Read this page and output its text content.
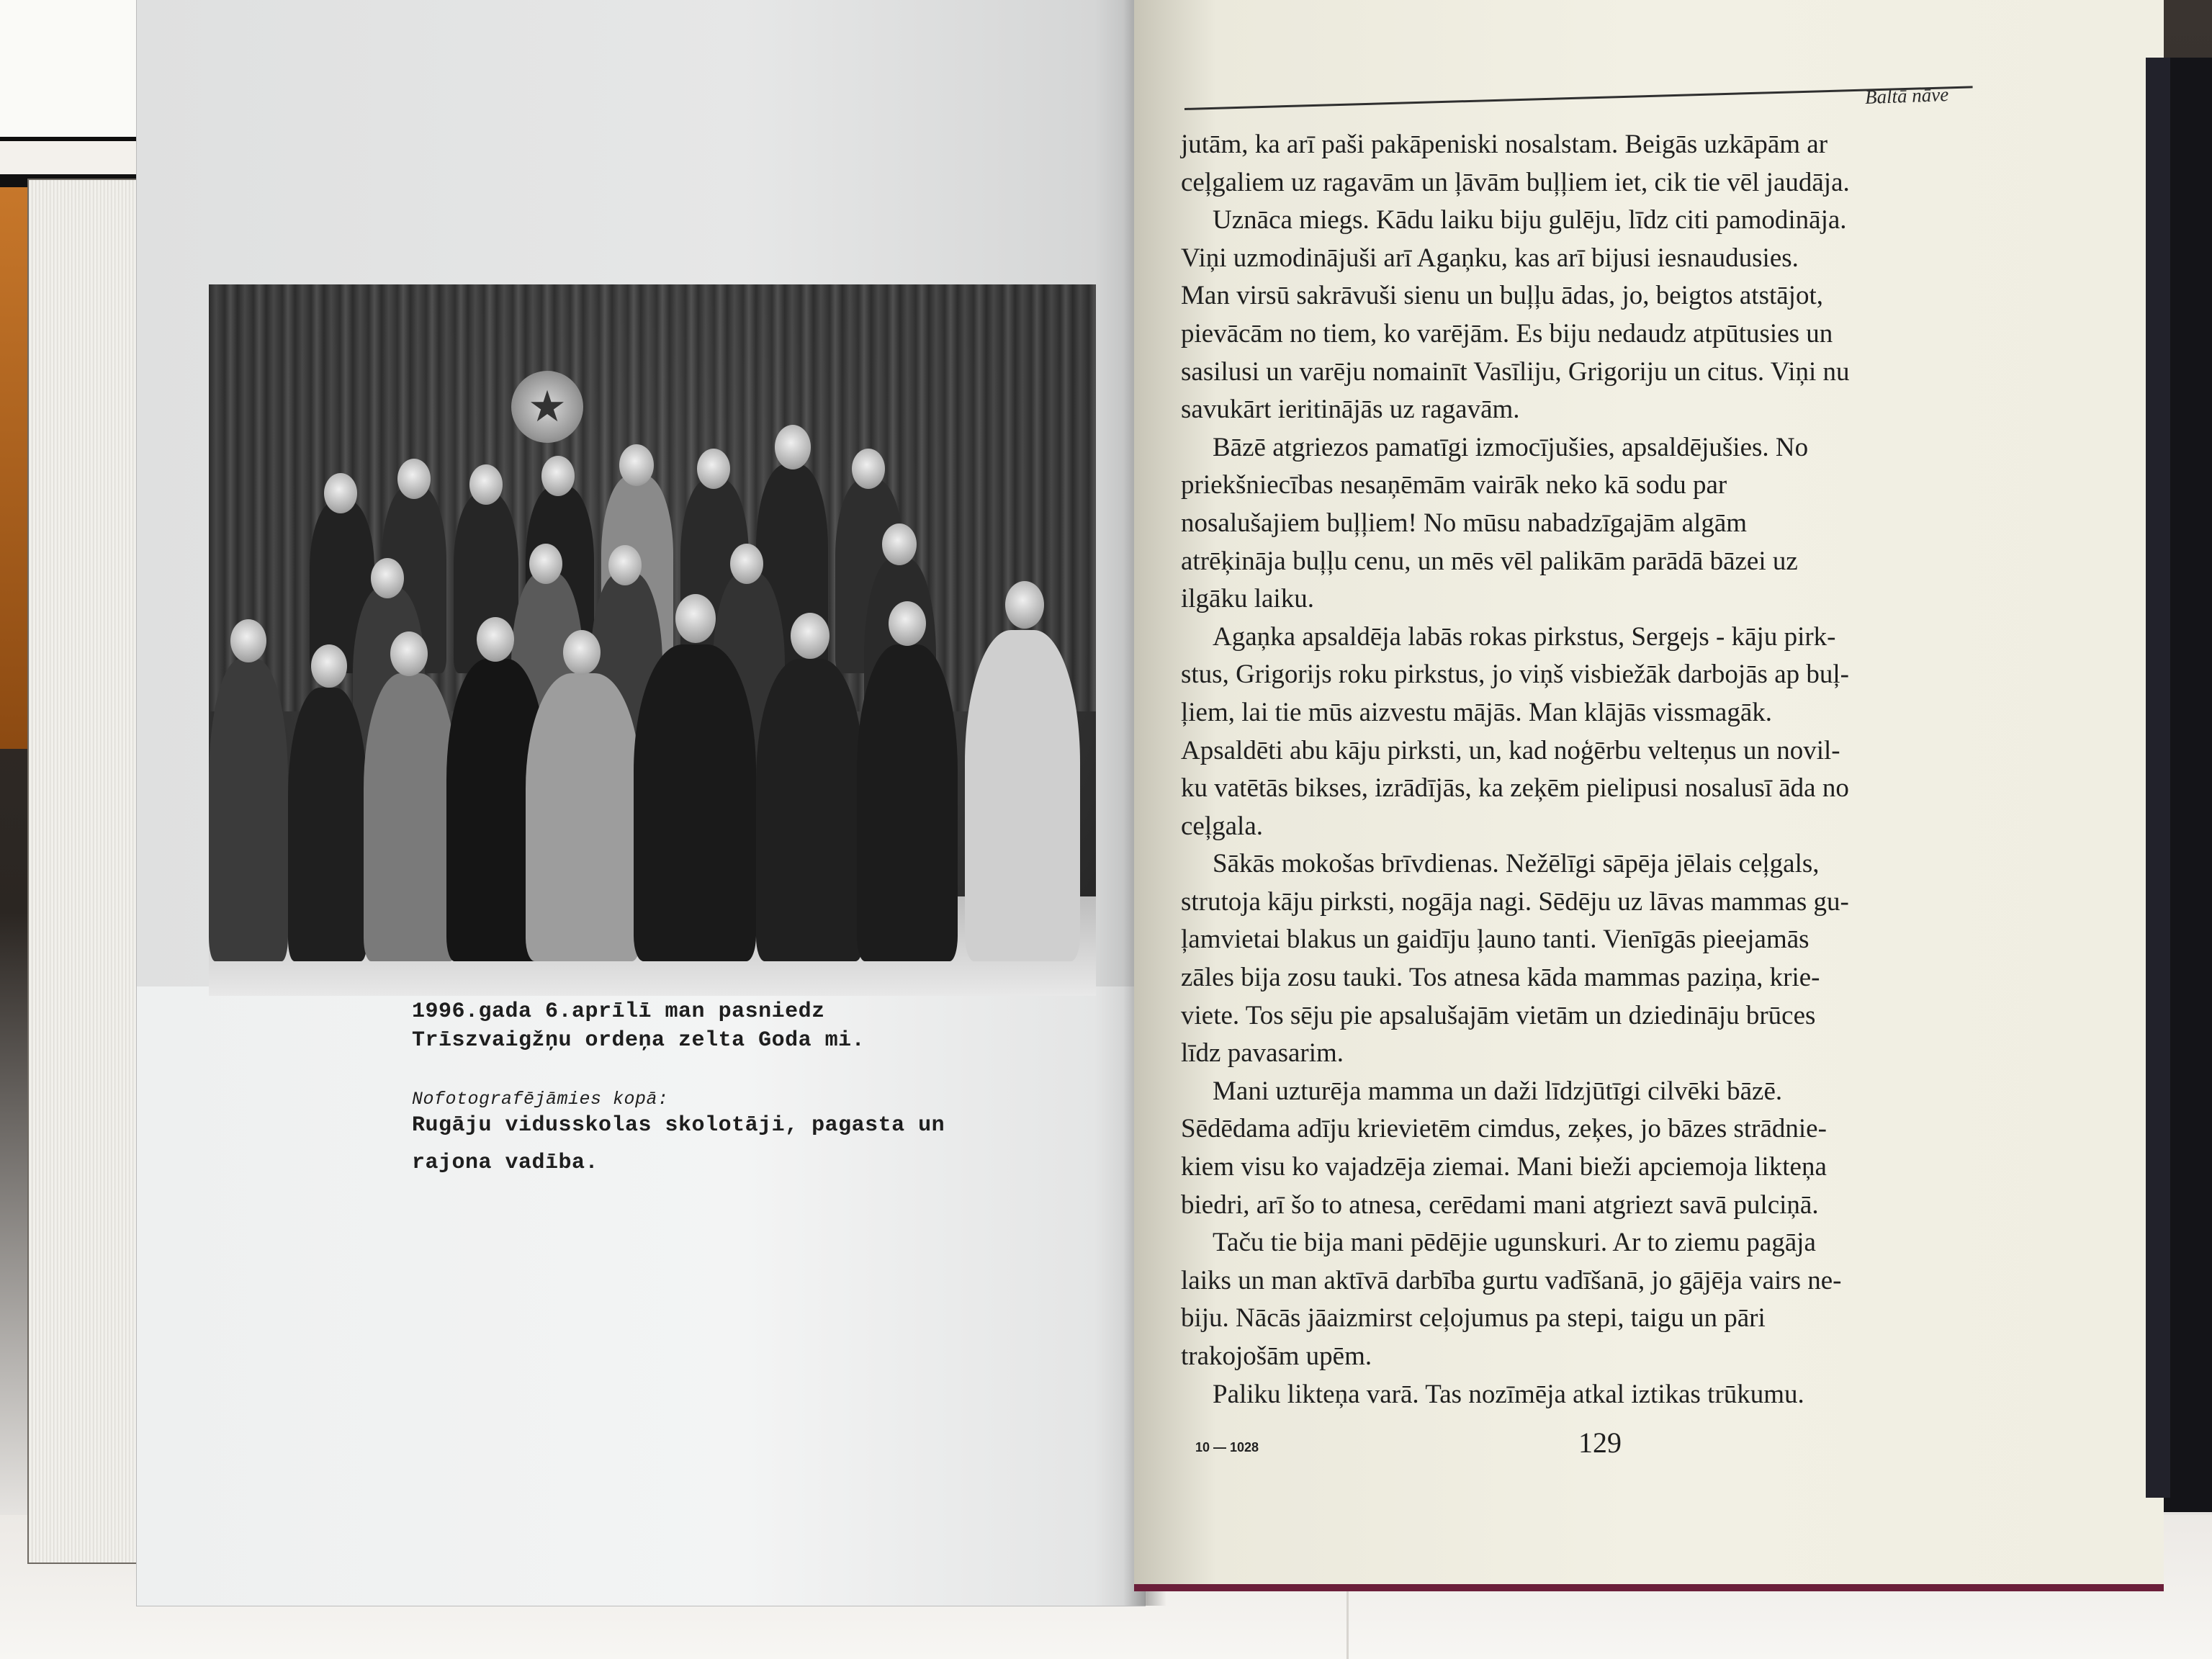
★
1996.gada 6.aprīlī man pasniedz
Trīszvaigžņu ordeņa zelta Goda mi.
Nofotografējāmies kopā:
Rugāju vidusskolas skolotāji, pagasta un
rajona vadība.
Baltā nāve
jutām, ka arī paši pakāpeniski nosalstam. Beigās uzkāpām ar
ceļgaliem uz ragavām un ļāvām buļļiem iet, cik tie vēl jaudāja.
Uznāca miegs. Kādu laiku biju gulēju, līdz citi pamodināja.
Viņi uzmodinājuši arī Agaņku, kas arī bijusi iesnaudusies.
Man virsū sakrāvuši sienu un buļļu ādas, jo, beigtos atstājot,
pievācām no tiem, ko varējām. Es biju nedaudz atpūtusies un
sasilusi un varēju nomainīt Vasīliju, Grigoriju un citus. Viņi nu
savukārt ieritinājās uz ragavām.
Bāzē atgriezos pamatīgi izmocījušies, apsaldējušies. No
priekšniecības nesaņēmām vairāk neko kā sodu par
nosalušajiem buļļiem! No mūsu nabadzīgajām algām
atrēķināja buļļu cenu, un mēs vēl palikām parādā bāzei uz
ilgāku laiku.
Agaņka apsaldēja labās rokas pirkstus, Sergejs - kāju pirk-
stus, Grigorijs roku pirkstus, jo viņš visbiežāk darbojās ap buļ-
ļiem, lai tie mūs aizvestu mājās. Man klājās vissmagāk.
Apsaldēti abu kāju pirksti, un, kad noģērbu velteņus un novil-
ku vatētās bikses, izrādījās, ka zeķēm pielipusi nosalusī āda no
ceļgala.
Sākās mokošas brīvdienas. Nežēlīgi sāpēja jēlais ceļgals,
strutoja kāju pirksti, nogāja nagi. Sēdēju uz lāvas mammas gu-
ļamvietai blakus un gaidīju ļauno tanti. Vienīgās pieejamās
zāles bija zosu tauki. Tos atnesa kāda mammas paziņa, krie-
viete. Tos sēju pie apsalušajām vietām un dziedināju brūces
līdz pavasarim.
Mani uzturēja mamma un daži līdzjūtīgi cilvēki bāzē.
Sēdēdama adīju krievietēm cimdus, zeķes, jo bāzes strādnie-
kiem visu ko vajadzēja ziemai. Mani bieži apciemoja likteņa
biedri, arī šo to atnesa, cerēdami mani atgriezt savā pulciņā.
Taču tie bija mani pēdējie ugunskuri. Ar to ziemu pagāja
laiks un man aktīvā darbība gurtu vadīšanā, jo gājēja vairs ne-
biju. Nācās jāaizmirst ceļojumus pa stepi, taigu un pāri
trakojošām upēm.
Paliku likteņa varā. Tas nozīmēja atkal iztikas trūkumu.
10 — 1028	129
